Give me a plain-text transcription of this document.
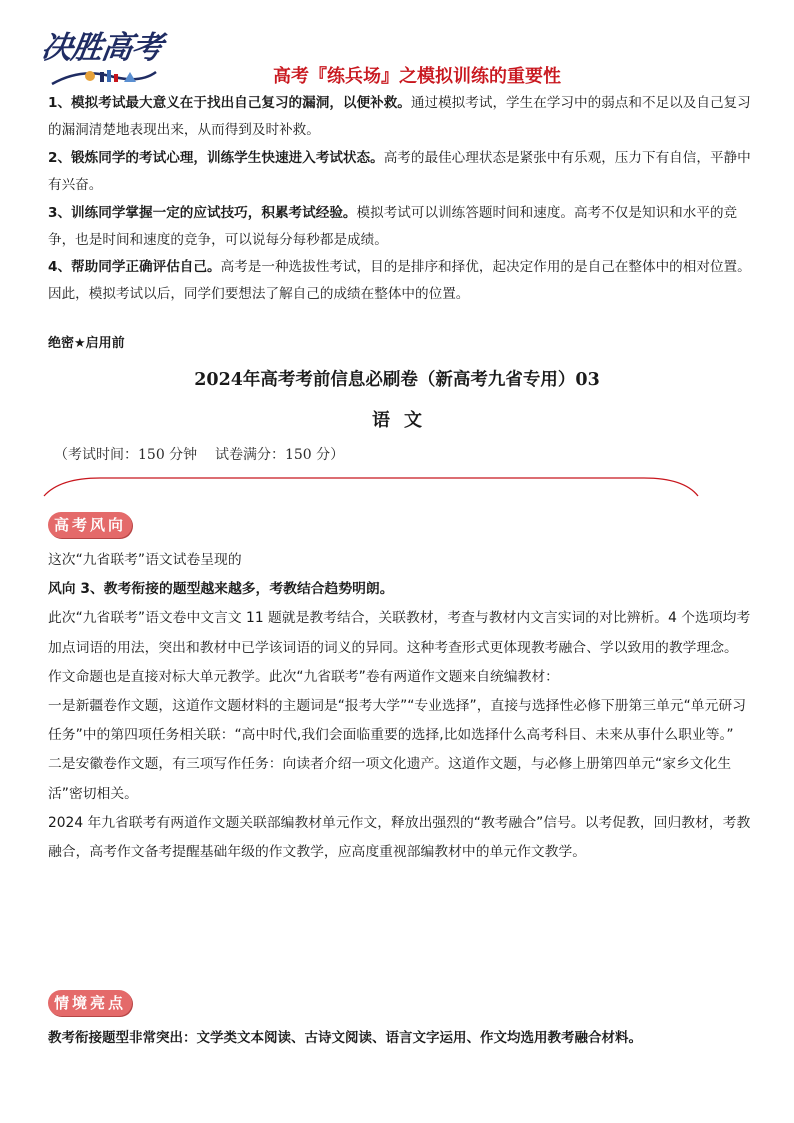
决胜高考
高考『练兵场』之模拟训练的重要性
1、模拟考试最大意义在于找出自己复习的漏洞，以便补救。通过模拟考试，学生在学习中的弱点和不足以及自己复习的漏洞清楚地表现出来，从而得到及时补救。
2、锻炼同学的考试心理，训练学生快速进入考试状态。高考的最佳心理状态是紧张中有乐观，压力下有自信，平静中有兴奋。
3、训练同学掌握一定的应试技巧，积累考试经验。模拟考试可以训练答题时间和速度。高考不仅是知识和水平的竞争，也是时间和速度的竞争，可以说每分每秒都是成绩。
4、帮助同学正确评估自己。高考是一种选拔性考试，目的是排序和择优，起决定作用的是自己在整体中的相对位置。因此，模拟考试以后，同学们要想法了解自己的成绩在整体中的位置。
绝密★启用前
2024年高考考前信息必刷卷（新高考九省专用）03
语文
（考试时间：150 分钟    试卷满分：150 分）
高考风向

这次“九省联考”语文试卷呈现的

风向 3、教考衔接的题型越来越多，考教结合趋势明朗。

此次“九省联考”语文卷中文言文 11 题就是教考结合，关联教材，考查与教材内文言实词的对比辨析。4 个选项均考加点词语的用法，突出和教材中已学该词语的词义的异同。这种考查形式更体现教考融合、学以致用的教学理念。

作文命题也是直接对标大单元教学。此次“九省联考”卷有两道作文题来自统编教材：

一是新疆卷作文题，这道作文题材料的主题词是“报考大学”“专业选择”，直接与选择性必修下册第三单元“单元研习任务”中的第四项任务相关联：“高中时代,我们会面临重要的选择,比如选择什么高考科目、未来从事什么职业等。”

二是安徽卷作文题，有三项写作任务：向读者介绍一项文化遗产。这道作文题，与必修上册第四单元“家乡文化生活”密切相关。

2024 年九省联考有两道作文题关联部编教材单元作文，释放出强烈的“教考融合”信号。以考促教，回归教材，考教融合，高考作文备考提醒基础年级的作文教学，应高度重视部编教材中的单元作文教学。

情境亮点
教考衔接题型非常突出：文学类文本阅读、古诗文阅读、语言文字运用、作文均选用教考融合材料。
